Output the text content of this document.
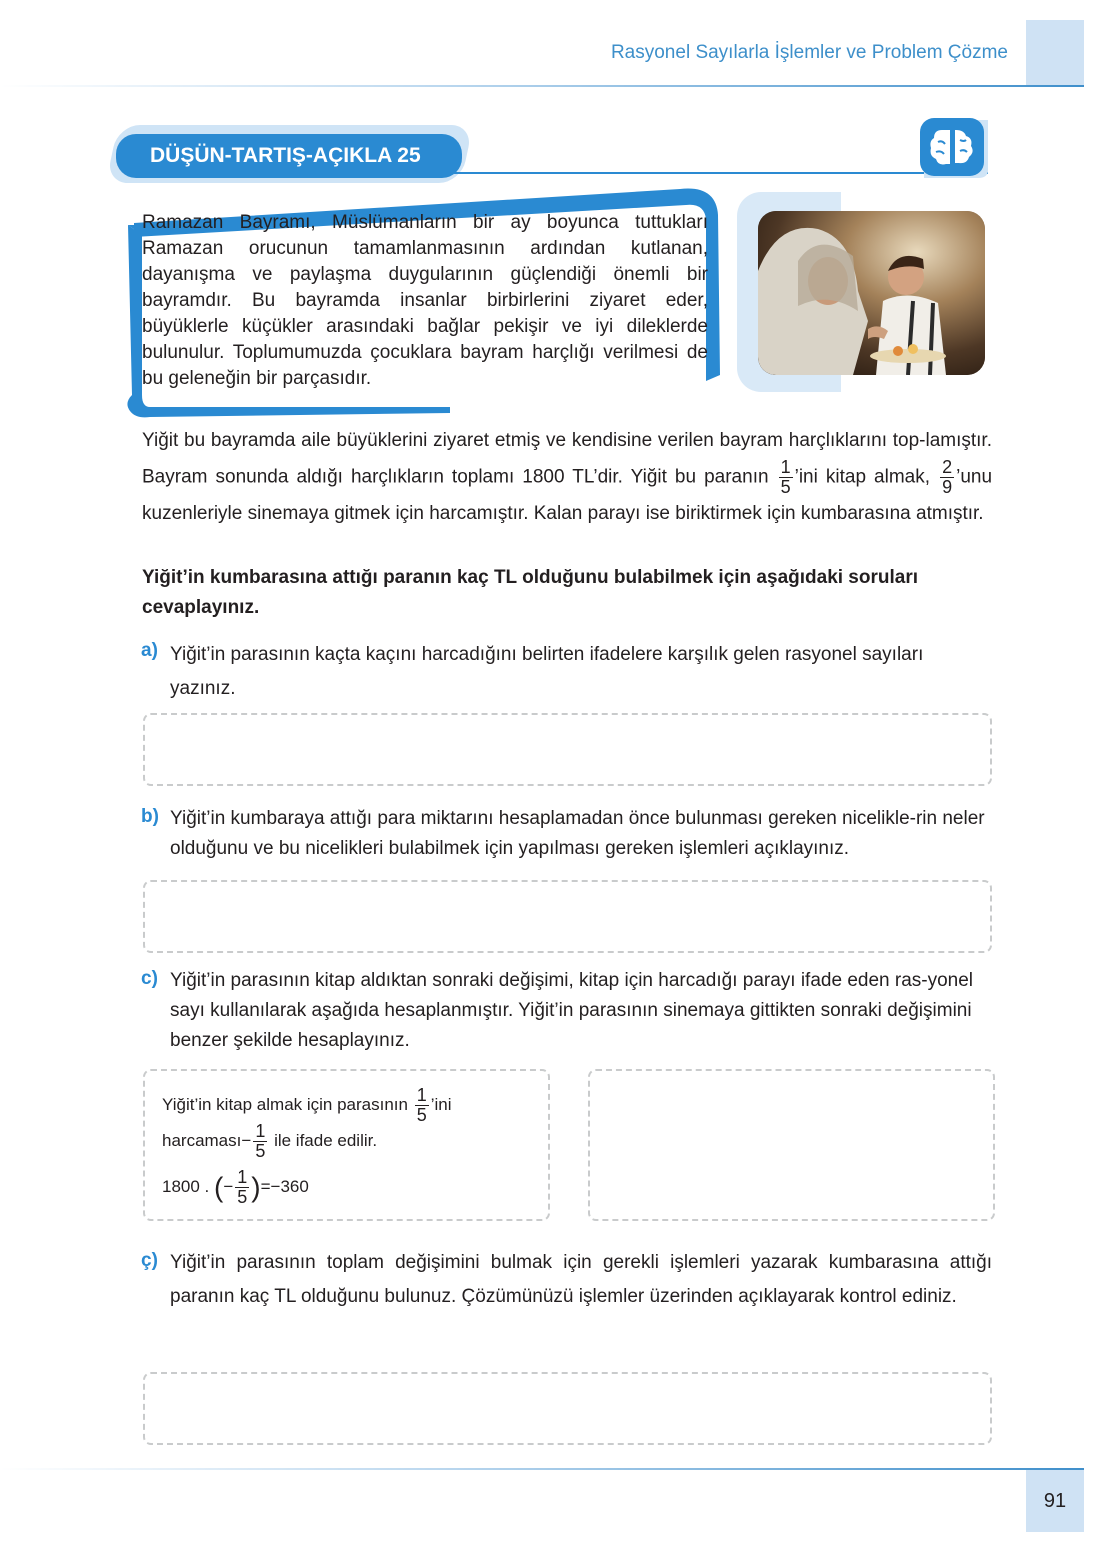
Rasyonel Sayılarla İşlemler ve Problem Çözme
DÜŞÜN-TARTIŞ-AÇIKLA 25
Ramazan Bayramı, Müslümanların bir ay boyunca tuttukları Ramazan orucunun tamamlanmasının ardından kutlanan, dayanışma ve paylaşma duygularının güçlendiği önemli bir bayramdır. Bu bayramda insanlar birbirlerini ziyaret eder, büyüklerle küçükler arasındaki bağlar pekişir ve iyi dileklerde bulunulur. Toplumumuzda çocuklara bayram harçlığı verilmesi de bu geleneğin bir parçasıdır.
Yiğit bu bayramda aile büyüklerini ziyaret etmiş ve kendisine verilen bayram harçlıklarını top-lamıştır. Bayram sonunda aldığı harçlıkların toplamı 1800 TL’dir. Yiğit bu paranın $\frac{1}{5}$ ’ini kitap almak, $\frac{2}{9}$ ’unu kuzenleriyle sinemaya gitmek için harcamıştır. Kalan parayı ise biriktirmek için kumbarasına atmıştır.
Yiğit’in kumbarasına attığı paranın kaç TL olduğunu bulabilmek için aşağıdaki soruları cevaplayınız.
a) Yiğit’in parasının kaçta kaçını harcadığını belirten ifadelere karşılık gelen rasyonel sayıları yazınız.
b) Yiğit’in kumbaraya attığı para miktarını hesaplamadan önce bulunması gereken nicelikle-rin neler olduğunu ve bu nicelikleri bulabilmek için yapılması gereken işlemleri açıklayınız.
c) Yiğit’in parasının kitap aldıktan sonraki değişimi, kitap için harcadığı parayı ifade eden ras-yonel sayı kullanılarak aşağıda hesaplanmıştır. Yiğit’in parasının sinemaya gittikten sonraki değişimini benzer şekilde hesaplayınız.
Yiğit’in kitap almak için parasının $\frac{1}{5}$ ’ini
harcaması− $\frac{1}{5}$ ile ifade edilir.
1800 . (− $\frac{1}{5} )=-360$
ç) Yiğit’in parasının toplam değişimini bulmak için gerekli işlemleri yazarak kumbarasına attığı paranın kaç TL olduğunu bulunuz. Çözümünüzü işlemler üzerinden açıklayarak kontrol ediniz.
91
